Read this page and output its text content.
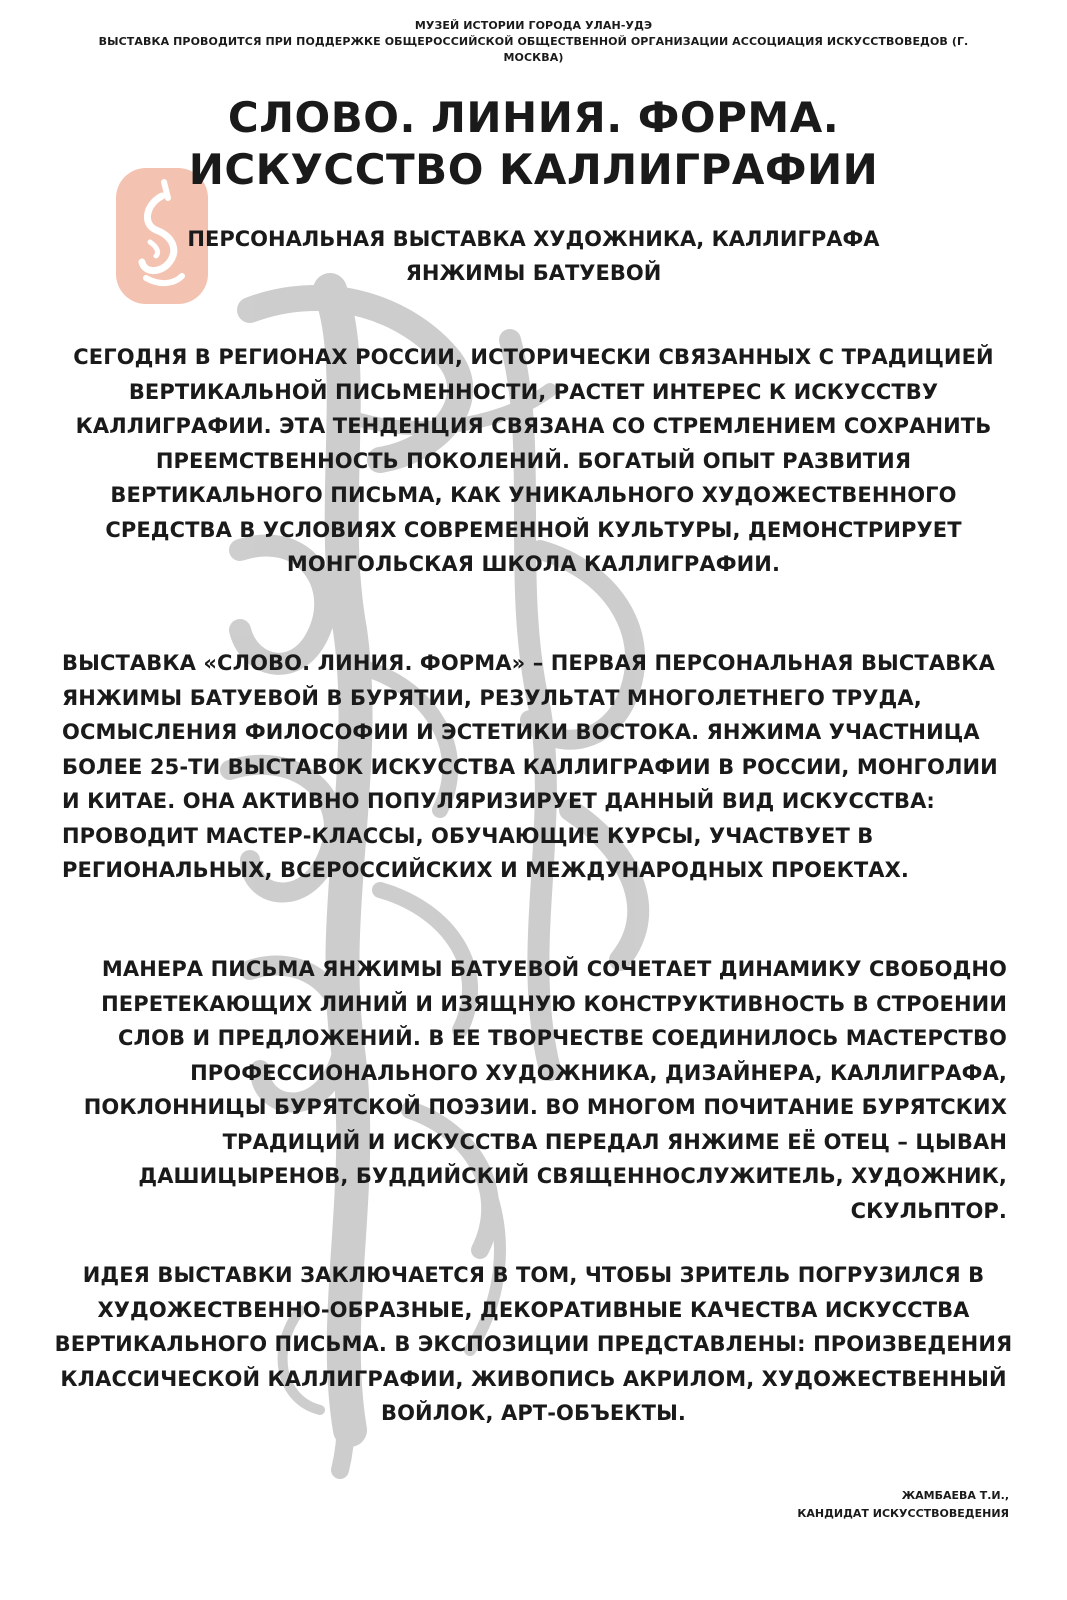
МУЗЕЙ ИСТОРИИ ГОРОДА УЛАН-УДЭ
ВЫСТАВКА ПРОВОДИТСЯ ПРИ ПОДДЕРЖКЕ ОБЩЕРОССИЙСКОЙ ОБЩЕСТВЕННОЙ ОРГАНИЗАЦИИ АССОЦИАЦИЯ ИСКУССТВОВЕДОВ (Г. МОСКВА)
СЛОВО. ЛИНИЯ. ФОРМА.
ИСКУССТВО КАЛЛИГРАФИИ
ПЕРСОНАЛЬНАЯ ВЫСТАВКА ХУДОЖНИКА, КАЛЛИГРАФА
ЯНЖИМЫ БАТУЕВОЙ
СЕГОДНЯ В РЕГИОНАХ РОССИИ, ИСТОРИЧЕСКИ СВЯЗАННЫХ С ТРАДИЦИЕЙ ВЕРТИКАЛЬНОЙ ПИСЬМЕННОСТИ, РАСТЕТ ИНТЕРЕС К ИСКУССТВУ КАЛЛИГРАФИИ. ЭТА ТЕНДЕНЦИЯ СВЯЗАНА СО СТРЕМЛЕНИЕМ СОХРАНИТЬ ПРЕЕМСТВЕННОСТЬ ПОКОЛЕНИЙ. БОГАТЫЙ ОПЫТ РАЗВИТИЯ ВЕРТИКАЛЬНОГО ПИСЬМА, КАК УНИКАЛЬНОГО ХУДОЖЕСТВЕННОГО СРЕДСТВА В УСЛОВИЯХ СОВРЕМЕННОЙ КУЛЬТУРЫ, ДЕМОНСТРИРУЕТ МОНГОЛЬСКАЯ ШКОЛА КАЛЛИГРАФИИ.
ВЫСТАВКА «СЛОВО. ЛИНИЯ. ФОРМА» – ПЕРВАЯ ПЕРСОНАЛЬНАЯ ВЫСТАВКА ЯНЖИМЫ БАТУЕВОЙ В БУРЯТИИ, РЕЗУЛЬТАТ МНОГОЛЕТНЕГО ТРУДА, ОСМЫСЛЕНИЯ ФИЛОСОФИИ И ЭСТЕТИКИ ВОСТОКА. ЯНЖИМА УЧАСТНИЦА БОЛЕЕ 25-ТИ ВЫСТАВОК ИСКУССТВА КАЛЛИГРАФИИ В РОССИИ, МОНГОЛИИ И КИТАЕ. ОНА АКТИВНО ПОПУЛЯРИЗИРУЕТ ДАННЫЙ ВИД ИСКУССТВА: ПРОВОДИТ МАСТЕР-КЛАССЫ, ОБУЧАЮЩИЕ КУРСЫ, УЧАСТВУЕТ В РЕГИОНАЛЬНЫХ, ВСЕРОССИЙСКИХ И МЕЖДУНАРОДНЫХ ПРОЕКТАХ.
МАНЕРА ПИСЬМА ЯНЖИМЫ БАТУЕВОЙ СОЧЕТАЕТ ДИНАМИКУ СВОБОДНО ПЕРЕТЕКАЮЩИХ ЛИНИЙ И ИЗЯЩНУЮ КОНСТРУКТИВНОСТЬ В СТРОЕНИИ СЛОВ И ПРЕДЛОЖЕНИЙ. В ЕЕ ТВОРЧЕСТВЕ СОЕДИНИЛОСЬ МАСТЕРСТВО ПРОФЕССИОНАЛЬНОГО ХУДОЖНИКА, ДИЗАЙНЕРА, КАЛЛИГРАФА, ПОКЛОННИЦЫ БУРЯТСКОЙ ПОЭЗИИ. ВО МНОГОМ ПОЧИТАНИЕ БУРЯТСКИХ ТРАДИЦИЙ И ИСКУССТВА ПЕРЕДАЛ ЯНЖИМЕ ЕЁ ОТЕЦ – ЦЫВАН ДАШИЦЫРЕНОВ, БУДДИЙСКИЙ СВЯЩЕННОСЛУЖИТЕЛЬ, ХУДОЖНИК, СКУЛЬПТОР.
ИДЕЯ ВЫСТАВКИ ЗАКЛЮЧАЕТСЯ В ТОМ, ЧТОБЫ ЗРИТЕЛЬ ПОГРУЗИЛСЯ В ХУДОЖЕСТВЕННО-ОБРАЗНЫЕ, ДЕКОРАТИВНЫЕ КАЧЕСТВА ИСКУССТВА ВЕРТИКАЛЬНОГО ПИСЬМА. В ЭКСПОЗИЦИИ ПРЕДСТАВЛЕНЫ: ПРОИЗВЕДЕНИЯ КЛАССИЧЕСКОЙ КАЛЛИГРАФИИ, ЖИВОПИСЬ АКРИЛОМ, ХУДОЖЕСТВЕННЫЙ ВОЙЛОК, АРТ-ОБЪЕКТЫ.
ЖАМБАЕВА Т.И.,
КАНДИДАТ ИСКУССТВОВЕДЕНИЯ
